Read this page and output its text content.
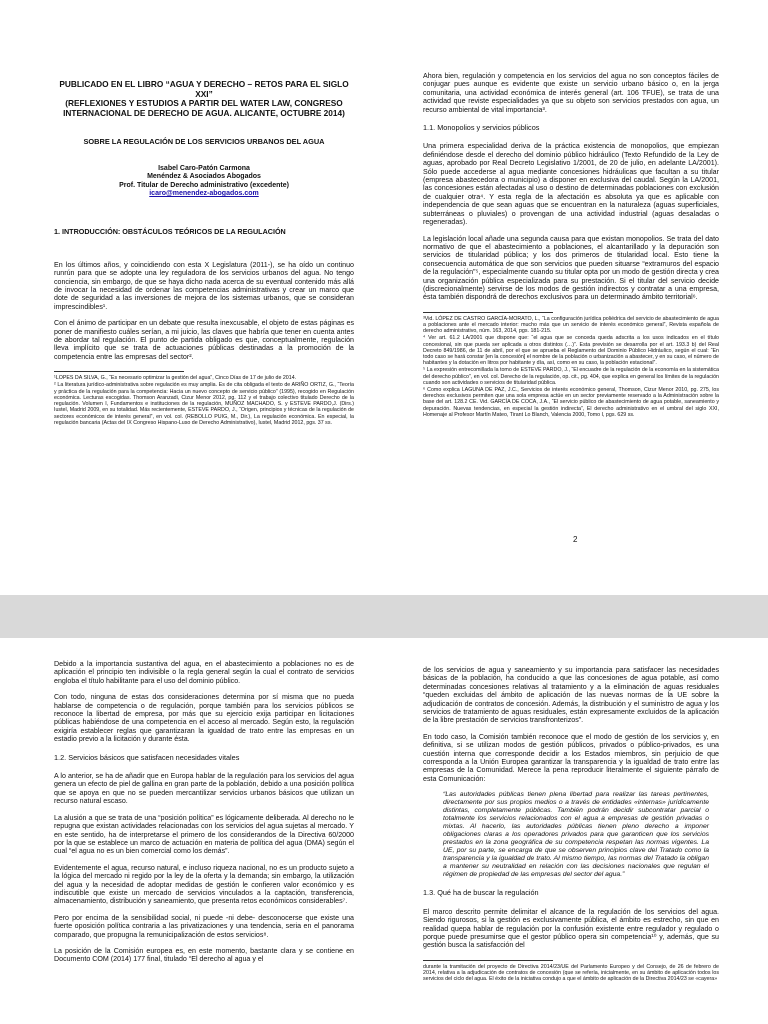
PUBLICADO EN EL LIBRO “AGUA Y DERECHO – RETOS PARA EL SIGLO XXI”
(REFLEXIONES Y ESTUDIOS A PARTIR DEL WATER LAW, CONGRESO INTERNACIONAL DE DERECHO DE AGUA. ALICANTE, OCTUBRE 2014)
SOBRE LA REGULACIÓN DE LOS SERVICIOS URBANOS DEL AGUA
Isabel Caro-Patón Carmona
Menéndez & Asociados Abogados
Prof. Titular de Derecho administrativo (excedente)
icaro@menendez-abogados.com
1. INTRODUCCIÓN: OBSTÁCULOS TEÓRICOS DE LA REGULACIÓN

En los últimos años, y coincidiendo con esta X Legislatura (2011-), se ha oído un continuo runrún para que se adopte una ley reguladora de los servicios urbanos del agua. No tengo conciencia, sin embargo, de que se haya dicho nada acerca de su eventual contenido más allá de invocar la necesidad de ordenar las competencias administrativas y crear un marco que dote de seguridad a las inversiones de mejora de los sistemas urbanos, que se consideran imprescindibles¹.

Con el ánimo de participar en un debate que resulta inexcusable, el objeto de estas páginas es poner de manifiesto cuáles serían, a mi juicio, las claves que habría que tener en cuenta antes de abordar tal regulación. El punto de partida obligado es que, conceptualmente, regulación lleva implícito que se trata de actuaciones públicas destinadas a la promoción de la competencia entre las empresas del sector².

¹LOPES DA SILVA, G., “Es necesario optimizar la gestión del agua”, Cinco Días de 17 de julio de 2014.
² La literatura jurídico-administrativa sobre regulación es muy amplia. Es de cita obligada el texto de ARIÑO ORTIZ, G., “Teoría y práctica de la regulación para la competencia: Hacia un nuevo concepto de servicio público” (1995), recogido en Regulación económica. Lecturas escogidas. Thomson Aranzadi, Cizur Menor 2012, pg. 112 y el trabajo colectivo titulado Derecho de la regulación. Volumen I, Fundamentos e instituciones de la regulación, MUÑOZ MACHADO, S. y ESTEVE PARDO,J. (Dirs.) Iustel, Madrid 2009, en su totalidad. Más recientemente, ESTEVE PARDO, J., “Origen, principios y técnicas de la regulación de sectores económicos de interés general”, en vol. col. (REBOLLO PUIG, M., Dir.), La regulación económica. En especial, la regulación bancaria (Actas del IX Congreso Hispano-Luso de Derecho Administrativo), Iustel, Madrid 2012, pgs. 37 ss.

Ahora bien, regulación y competencia en los servicios del agua no son conceptos fáciles de conjugar pues aunque es evidente que existe un servicio urbano básico o, en la jerga comunitaria, una actividad económica de interés general (art. 106 TFUE), se trata de una actividad que reviste especialidades ya que su objeto son servicios prestados con agua, un recurso ambiental de vital importancia³.

1.1. Monopolios y servicios públicos

Una primera especialidad deriva de la práctica existencia de monopolios, que empiezan definiéndose desde el derecho del dominio público hidráulico (Texto Refundido de la Ley de aguas, aprobado por Real Decreto Legislativo 1/2001, de 20 de julio, en adelante LA/2001). Sólo puede accederse al agua mediante concesiones hidráulicas que facultan a su titular (empresa abastecedora o municipio) a disponer en exclusiva del caudal. Según la LA/2001, las concesiones están afectadas al uso o destino de determinadas poblaciones con exclusión de cualquier otra⁴. Y esta regla de la afectación es absoluta ya que es aplicable con independencia de que sean aguas que se encuentran en la naturaleza (aguas superficiales, subterráneas o pluviales) o provengan de una actividad industrial (aguas desaladas o regeneradas).

La legislación local añade una segunda causa para que existan monopolios. Se trata del dato normativo de que el abastecimiento a poblaciones, el alcantarillado y la depuración son servicios de titularidad pública; y los dos primeros de titularidad local. Esto tiene la consecuencia automática de que son servicios que pueden situarse “extramuros del espacio de la regulación”⁵, especialmente cuando su titular opta por un modo de gestión directa y crea una organización pública especializada para su prestación. Si el titular del servicio decide (discrecionalmente) servirse de los modos de gestión indirectos y contratar a una empresa, ésta también dispondrá de derechos exclusivos para un determinado ámbito territorial⁶.

³Vid. LÓPEZ DE CASTRO GARCÍA-MORATO, L., “La configuración jurídica poliédrica del servicio de abastecimiento de agua a poblaciones ante el mercado interior: mucho más que un servicio de interés económico general”, Revista española de derecho administrativo, núm. 163, 2014, pgs. 181-215.
⁴ Ver art. 61.2 LA/2001 que dispone que: “el agua que se conceda queda adscrita a los usos indicados en el título concesional, sin que pueda ser aplicada a otros distintos (…)”. Esta previsión se desarrolla por el art. 193.3 b) del Real Decreto 849/1986, de 11 de abril, por el que se aprueba el Reglamento del Dominio Público Hidráulico, según el cual: “En todo caso se hará constar [en la concesión] el nombre de la población o urbanización a abastecer, y en su caso, el número de habitantes y la dotación en litros por habitante y día, así, como en su caso, la población estacional”.
⁵ La expresión entrecomillada la tomo de ESTEVE PARDO, J., “El encuadre de la regulación de la economía en la sistemática del derecho público”, en vol. col. Derecho de la regulación, op. cit., pg. 404, que explica en general los límites de la regulación cuando son actividades o servicios de titularidad pública.
⁶ Como explica LAGUNA DE PAZ, J.C., Servicios de interés económico general, Thomson, Cizur Menor 2010, pg. 275, los derechos exclusivos permiten que una sola empresa actúe en un sector previamente reservado a la Administración sobre la base del art. 128.2 CE. Vid. GARCÍA DE COCA, J.A., “El servicio público de abastecimiento de agua potable, saneamiento y depuración. Nuevas tendencias, en especial la gestión indirecta”, El derecho administrativo en el umbral del siglo XXI, Homenaje al Profesor Martín Mateo, Tirant Lo Blanch, Valencia 2000, Tomo I, pgs. 629 ss.
2

Debido a la importancia sustantiva del agua, en el abastecimiento a poblaciones no es de aplicación el principio ten indivisible o la regla general según la cual el contrato de servicios engloba el título habilitante para el uso del dominio público.

Con todo, ninguna de estas dos consideraciones determina por sí misma que no pueda hablarse de competencia o de regulación, porque también para los servicios públicos se reconoce la libertad de empresa, por más que su ejercicio exija participar en licitaciones públicas habiéndose de una competencia en el acceso al mercado. Según esto, la regulación exigiría establecer reglas que garantizaran la igualdad de trato entre las empresas en un estadio previo a la licitación y durante ésta.

1.2. Servicios básicos que satisfacen necesidades vitales

A lo anterior, se ha de añadir que en Europa hablar de la regulación para los servicios del agua genera un efecto de piel de gallina en gran parte de la población, debido a una posición política que se apoya en que no se pueden mercantilizar servicios urbanos básicos que utilizan un recurso natural escaso.

La alusión a que se trata de una “posición política” es lógicamente deliberada. Al derecho no le repugna que existan actividades relacionadas con los servicios del agua sujetas al mercado. Y en este sentido, ha de interpretarse el primero de los considerandos de la Directiva 60/2000 por la que se establece un marco de actuación en materia de política del agua (DMA) según el cual “el agua no es un bien comercial como los demás”.

Evidentemente el agua, recurso natural, e incluso riqueza nacional, no es un producto sujeto a la lógica del mercado ni regido por la ley de la oferta y la demanda; sin embargo, la utilización del agua y la necesidad de adoptar medidas de gestión le confieren valor económico y es indiscutible que existe un mercado de servicios vinculados a la captación, transferencia, almacenamiento, distribución y saneamiento, que presenta retos económicos considerables⁷.

Pero por encima de la sensibilidad social, ni puede -ni debe- desconocerse que existe una fuerte oposición política contraria a las privatizaciones y una tendencia, seria en el panorama comparado, que propugna la remunicipalización de estos servicios⁸.

La posición de la Comisión europea es, en este momento, bastante clara y se contiene en Documento COM (2014) 177 final, titulado “El derecho al agua y el

de los servicios de agua y saneamiento y su importancia para satisfacer las necesidades básicas de la población, ha conducido a que las concesiones de agua potable, así como determinadas concesiones relativas al tratamiento y a la eliminación de aguas residuales “queden excluidas del ámbito de aplicación de las nuevas normas de la UE sobre la adjudicación de contratos de concesión. Además, la distribución y el suministro de agua y los servicios de tratamiento de aguas residuales, están expresamente excluidos de la aplicación de la libre prestación de servicios transfronterizos”.

En todo caso, la Comisión también reconoce que el modo de gestión de los servicios y, en definitiva, si se utilizan modos de gestión públicos, privados o público-privados, es una cuestión interna que corresponde decidir a los Estados miembros, sin perjuicio de que corresponda a la Unión Europea garantizar la transparencia y la igualdad de trato entre las empresas de la Comunidad. Merece la pena reproducir literalmente el siguiente párrafo de esta Comunicación:

“Las autoridades públicas tienen plena libertad para realizar las tareas pertinentes, directamente por sus propios medios o a través de entidades «internas» jurídicamente distintas, completamente públicas. También podrán decidir subcontratar parcial o totalmente los servicios relacionados con el agua a empresas de gestión privadas o mixtas. Al hacerlo, las autoridades públicas tienen pleno derecho a imponer obligaciones claras a los operadores privados para que garanticen que los servicios prestados en la zona geográfica de su competencia respetan las normas vigentes. La UE, por su parte, se encarga de que se observen principios clave del Tratado como la transparencia y la igualdad de trato. Al mismo tiempo, las normas del Tratado la obligan a mantener su neutralidad en relación con las decisiones nacionales que regulan el régimen de propiedad de las empresas del sector del agua.”
1.3. Qué ha de buscar la regulación

El marco descrito permite delimitar el alcance de la regulación de los servicios del agua. Siendo rigurosos, si la gestión es exclusivamente pública, el ámbito es estrecho, sin que en realidad quepa hablar de regulación por la confusión existente entre regulador y regulado o porque puede presumirse que el gestor público opera sin competencia¹⁰ y, además, que su gestión busca la satisfacción del

durante la tramitación del proyecto de Directiva 2014/23/UE del Parlamento Europeo y del Consejo, de 26 de febrero de 2014, relativa a la adjudicación de contratos de concesión (que se refería, inicialmente, en su ámbito de aplicación todos los servicios del ciclo del agua. El éxito de la iniciativa condujo a que el ámbito de aplicación de la Directiva 2014/23 se «cayera»
